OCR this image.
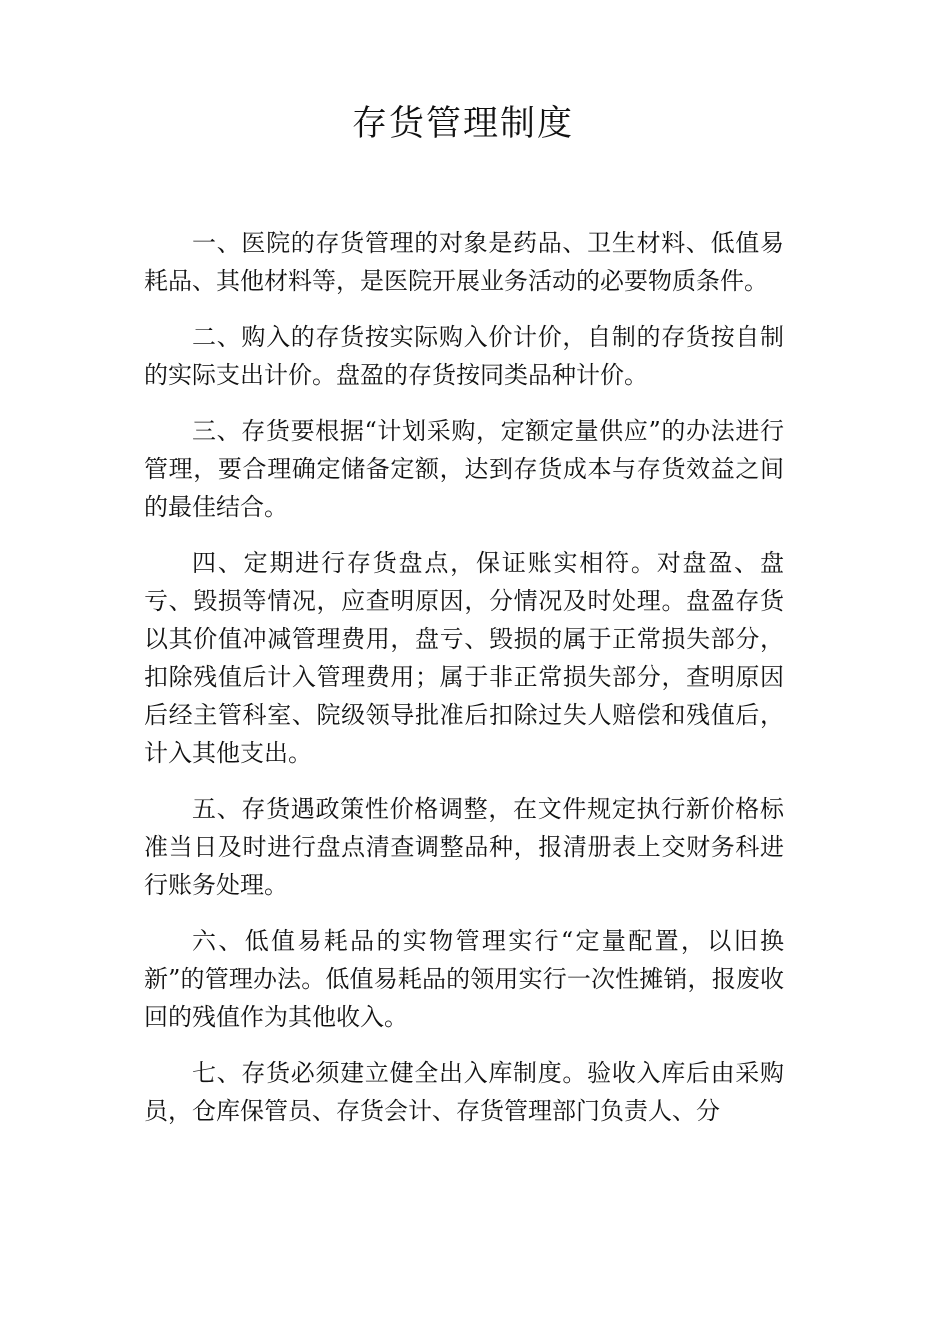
存货管理制度

一、医院的存货管理的对象是药品、卫生材料、低值易耗品、其他材料等，是医院开展业务活动的必要物质条件。

二、购入的存货按实际购入价计价，自制的存货按自制的实际支出计价。盘盈的存货按同类品种计价。

三、存货要根据“计划采购，定额定量供应”的办法进行管理，要合理确定储备定额，达到存货成本与存货效益之间的最佳结合。

四、定期进行存货盘点，保证账实相符。对盘盈、盘亏、毁损等情况，应查明原因，分情况及时处理。盘盈存货以其价值冲减管理费用，盘亏、毁损的属于正常损失部分，扣除残值后计入管理费用；属于非正常损失部分，查明原因后经主管科室、院级领导批准后扣除过失人赔偿和残值后，计入其他支出。

五、存货遇政策性价格调整，在文件规定执行新价格标准当日及时进行盘点清查调整品种，报清册表上交财务科进行账务处理。

六、低值易耗品的实物管理实行“定量配置，以旧换新”的管理办法。低值易耗品的领用实行一次性摊销，报废收回的残值作为其他收入。

七、存货必须建立健全出入库制度。验收入库后由采购员，仓库保管员、存货会计、存货管理部门负责人、分
